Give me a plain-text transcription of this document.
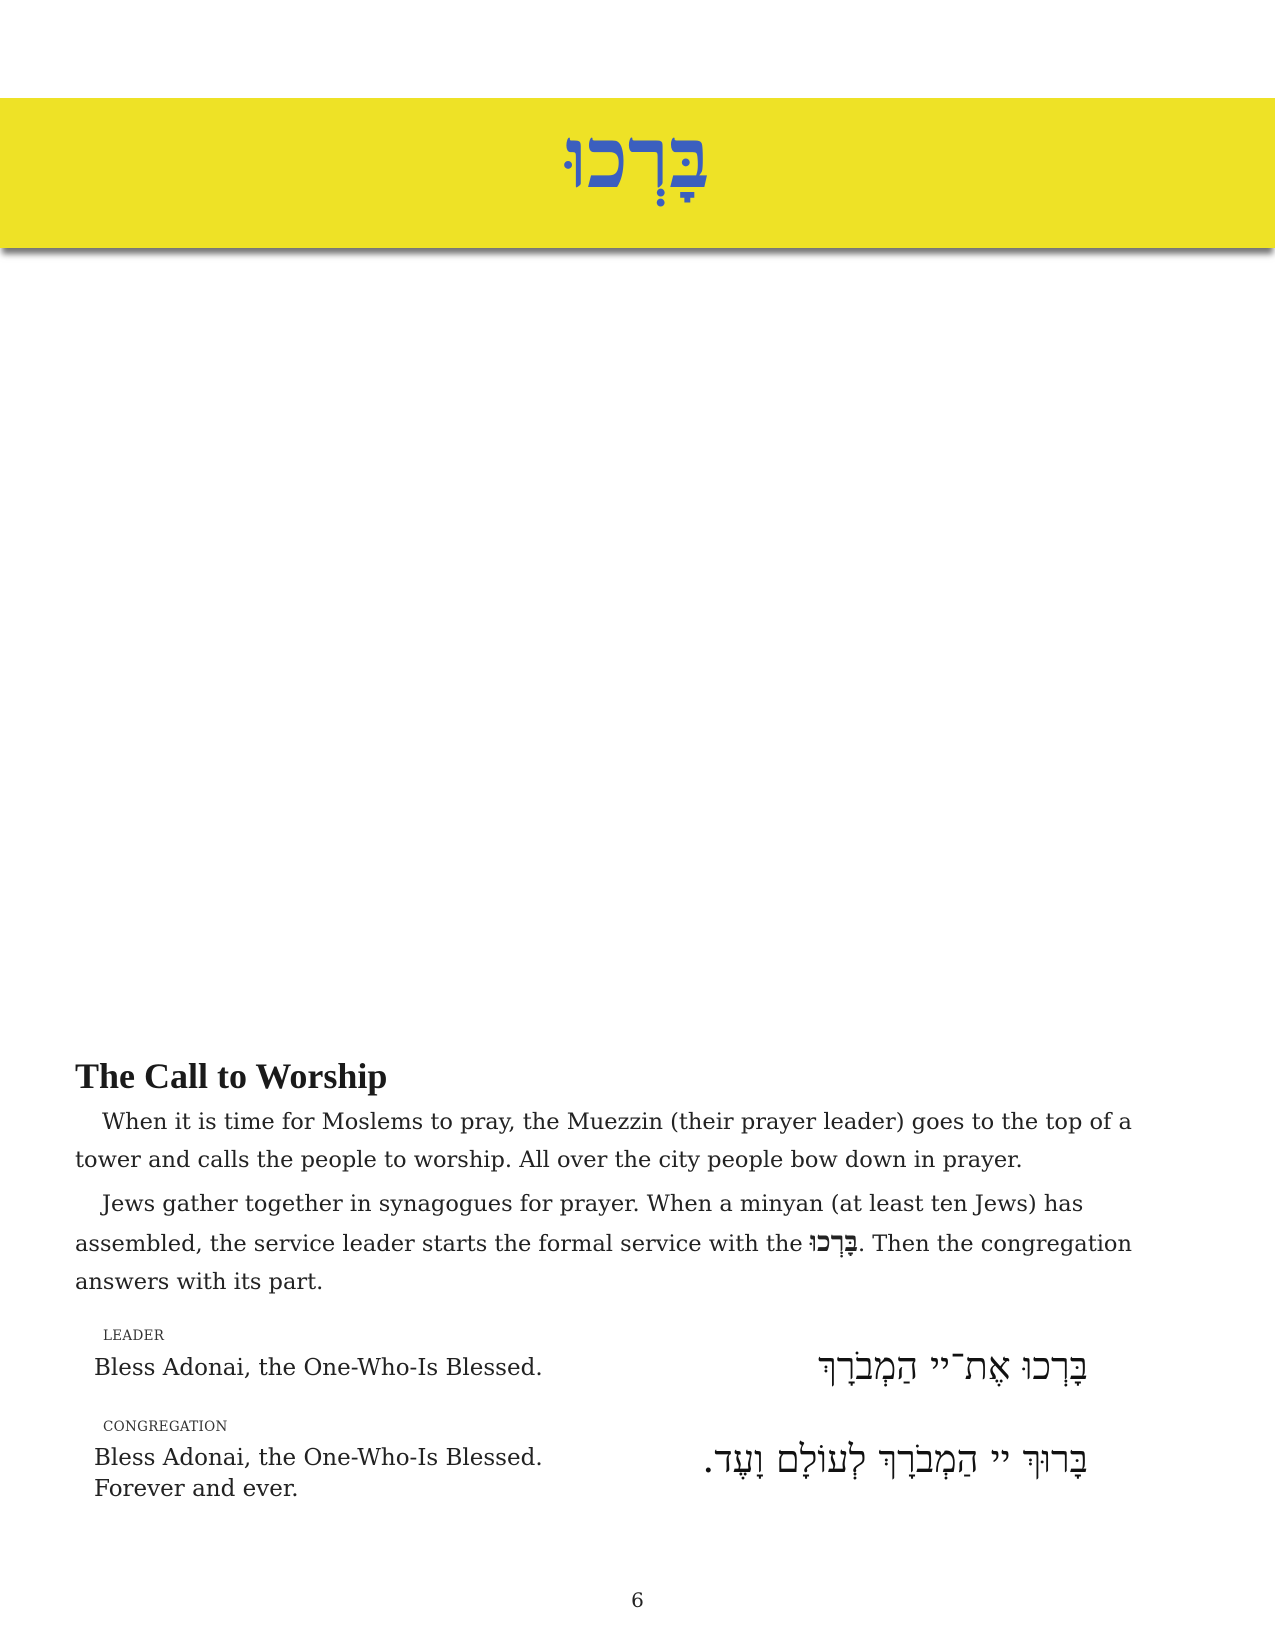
בָּרְכוּ
The Call to Worship

When it is time for Moslems to pray, the Muezzin (their prayer leader) goes to the top of a tower and calls the people to worship. All over the city people bow down in prayer.

Jews gather together in synagogues for prayer. When a minyan (at least ten Jews) has assembled, the service leader starts the formal service with the בָּרְכוּ. Then the congregation answers with its part.

LEADER
Bless Adonai, the One-Who-Is Blessed.	בָּרְכוּ אֶת־יי הַמְבֹרָךְ
CONGREGATION
Bless Adonai, the One-Who-Is Blessed.
Forever and ever.
בָּרוּךְ יי הַמְבֹרָךְ לְעוֹלָם וָעֶד.
6
